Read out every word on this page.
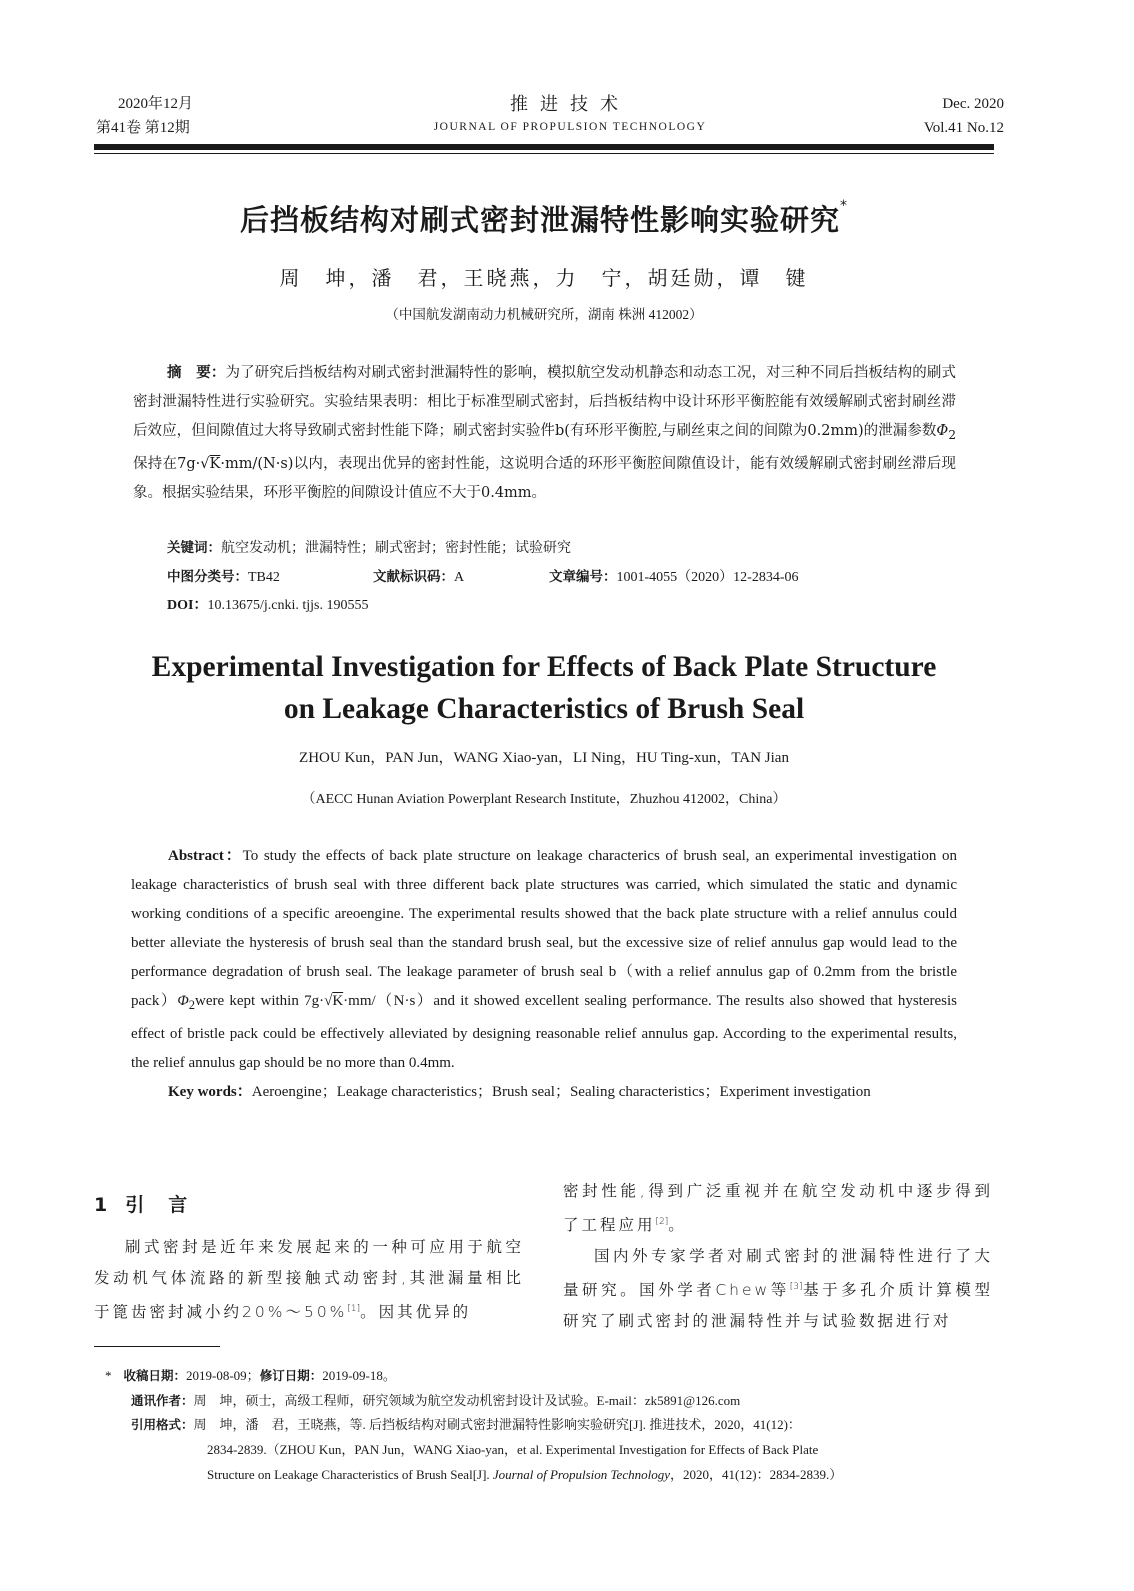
2020年12月
第41卷 第12期
推进技术
JOURNAL OF PROPULSION TECHNOLOGY
Dec. 2020
Vol.41 No.12
后挡板结构对刷式密封泄漏特性影响实验研究*
周　坤，潘　君，王晓燕，力　宁，胡廷勋，谭　键
（中国航发湖南动力机械研究所，湖南 株洲 412002）
摘　要：为了研究后挡板结构对刷式密封泄漏特性的影响，模拟航空发动机静态和动态工况，对三种不同后挡板结构的刷式密封泄漏特性进行实验研究。实验结果表明：相比于标准型刷式密封，后挡板结构中设计环形平衡腔能有效缓解刷式密封刷丝滞后效应，但间隙值过大将导致刷式密封性能下降；刷式密封实验件b(有环形平衡腔,与刷丝束之间的间隙为0.2mm)的泄漏参数$\Phi_2$保持在7g·√K·mm/(N·s)以内，表现出优异的密封性能，这说明合适的环形平衡腔间隙值设计，能有效缓解刷式密封刷丝滞后现象。根据实验结果，环形平衡腔的间隙设计值应不大于0.4mm。
关键词：航空发动机；泄漏特性；刷式密封；密封性能；试验研究
中图分类号：TB42	文献标识码：A	文章编号：1001-4055（2020）12-2834-06
DOI：10.13675/j.cnki. tjjs. 190555
Experimental Investigation for Effects of Back Plate Structure
on Leakage Characteristics of Brush Seal
ZHOU Kun，PAN Jun，WANG Xiao-yan，LI Ning，HU Ting-xun，TAN Jian
（AECC Hunan Aviation Powerplant Research Institute，Zhuzhou 412002，China）
Abstract：To study the effects of back plate structure on leakage characterics of brush seal, an experimental investigation on leakage characteristics of brush seal with three different back plate structures was carried, which simulated the static and dynamic working conditions of a specific areoengine. The experimental results showed that the back plate structure with a relief annulus could better alleviate the hysteresis of brush seal than the standard brush seal, but the excessive size of relief annulus gap would lead to the performance degradation of brush seal. The leakage parameter of brush seal b（with a relief annulus gap of 0.2mm from the bristle $pack)\Phi_2were$ kept within 7g·√K·mm/（N·s）and it showed excellent sealing performance. The results also showed that hysteresis effect of bristle pack could be effectively alleviated by designing reasonable relief annulus gap. According to the experimental results, the relief annulus gap should be no more than 0.4mm.
Key words：Aeroengine；Leakage characteristics；Brush seal；Sealing characteristics；Experiment investigation
1 引 言
刷式密封是近年来发展起来的一种可应用于航空发动机气体流路的新型接触式动密封,其泄漏量相比于篦齿密封减小约20%～50%[1]。因其优异的
密封性能,得到广泛重视并在航空发动机中逐步得到了工程应用[2]。
国内外专家学者对刷式密封的泄漏特性进行了大量研究。国外学者Chew等[3]基于多孔介质计算模型研究了刷式密封的泄漏特性并与试验数据进行对
* 收稿日期：2019-08-09；修订日期：2019-09-18。
通讯作者：周　坤，硕士，高级工程师，研究领域为航空发动机密封设计及试验。E-mail：zk5891@126.com
引用格式：周　坤，潘　君，王晓燕，等. 后挡板结构对刷式密封泄漏特性影响实验研究[J]. 推进技术，2020，41(12)：
2834-2839.（ZHOU Kun，PAN Jun，WANG Xiao-yan，et al. Experimental Investigation for Effects of Back Plate
Structure on Leakage Characteristics of Brush Seal[J]. Journal of Propulsion Technology，2020，41(12)：2834-2839.）
